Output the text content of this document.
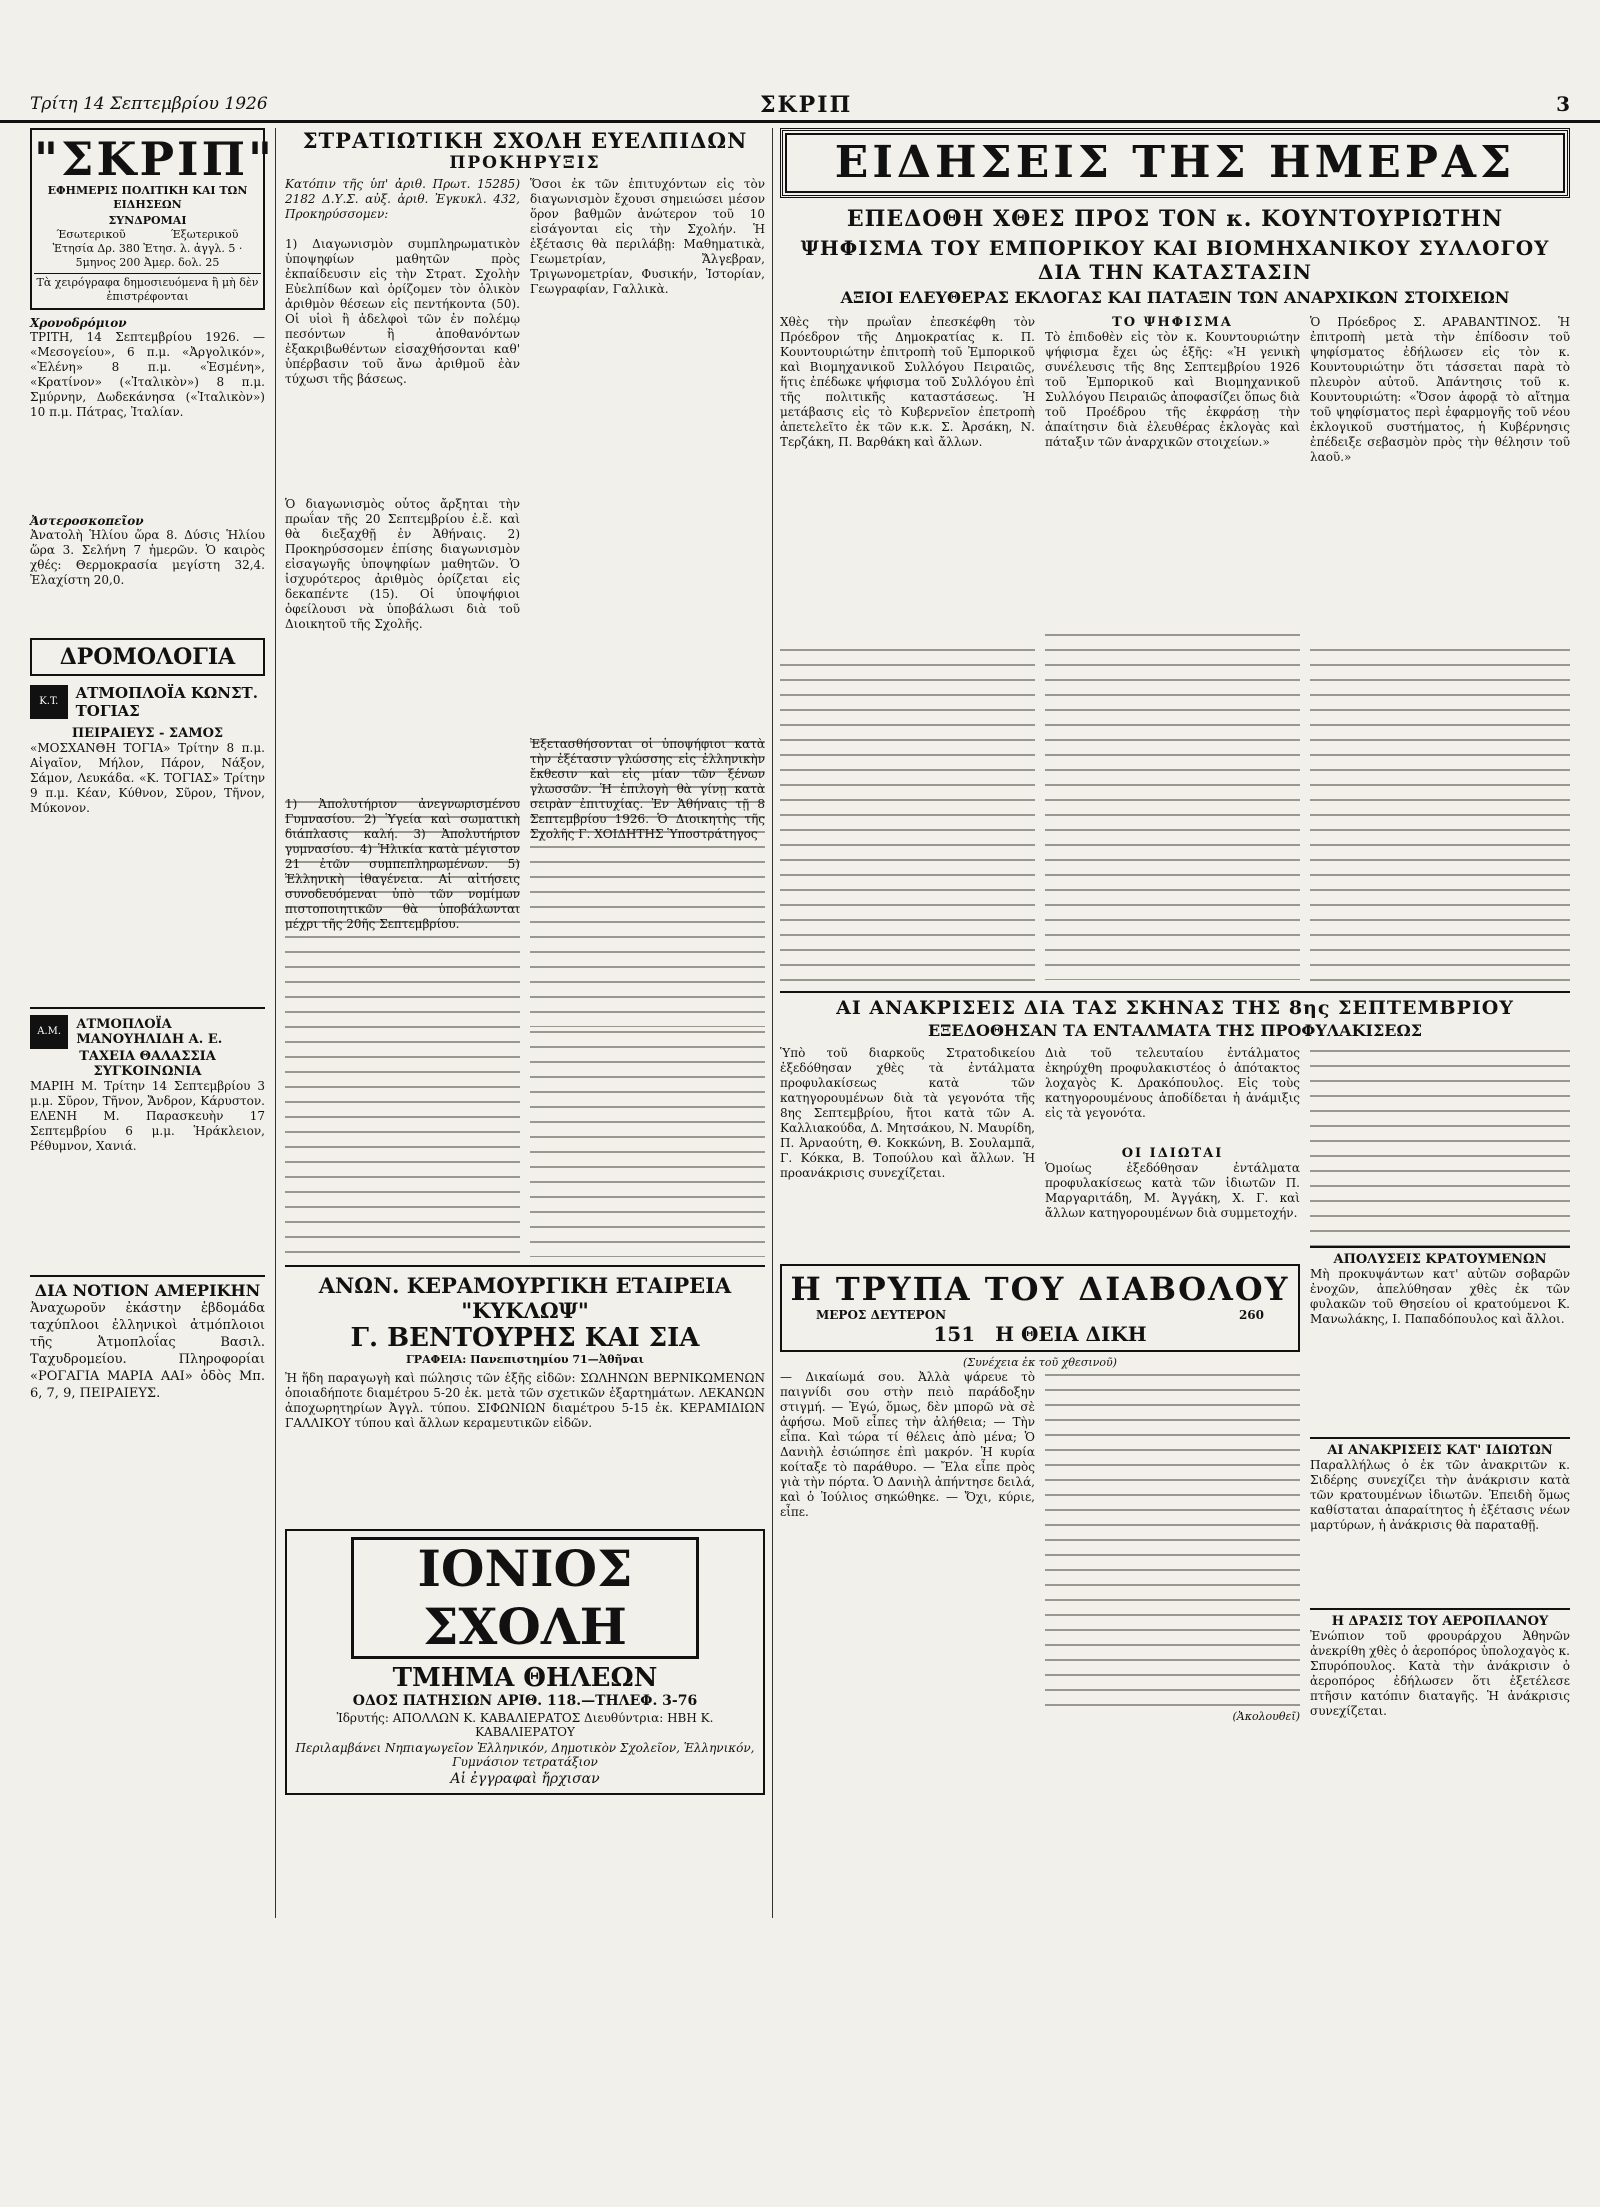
Τρίτη 14 Σεπτεμβρίου 1926	ΣΚΡΙΠ	3
"ΣΚΡΙΠ"
ΕΦΗΜΕΡΙΣ ΠΟΛΙΤΙΚΗ ΚΑΙ ΤΩΝ ΕΙΔΗΣΕΩΝ
ΣΥΝΔΡΟΜΑΙ
Έσωτερικοῦ	Έξωτερικοῦ
Ἐτησία Δρ. 380 Ἐτησ. λ. ἀγγλ. 5 · 5μηνος 200 Ἀμερ. δολ. 25
Τὰ χειρόγραφα δημοσιευόμενα ἢ μὴ δὲν ἐπιστρέφονται
Χρονοδρόμιον
ΤΡΙΤΗ, 14 Σεπτεμβρίου 1926. — «Μεσογείου», 6 π.μ. «Ἀργολικόν», «Ἑλένη» 8 π.μ. «Ἑσμένη», «Κρατίνον» («Ἰταλικὸν») 8 π.μ. Σμύρνην, Δωδεκάνησα («Ἰταλικὸν») 10 π.μ. Πάτρας, Ἰταλίαν.
Ἀστεροσκοπεῖον
Ἀνατολὴ Ἡλίου ὥρα 8. Δύσις Ἡλίου ὥρα 3. Σελήνη 7 ἡμερῶν. Ὁ καιρὸς χθές: Θερμοκρασία μεγίστη 32,4. Ἐλαχίστη 20,0.
ΔΡΟΜΟΛΟΓΙΑ
K.T.	ΑΤΜΟΠΛΟΪΑ ΚΩΝΣΤ. ΤΟΓΙΑΣ
ΠΕΙΡΑΙΕΥΣ - ΣΑΜΟΣ
«ΜΟΣΧΑΝΘΗ ΤΟΓΙΑ» Τρίτην 8 π.μ. Αἰγαῖον, Μήλον, Πάρον, Νάξον, Σάμον, Λευκάδα. «Κ. ΤΟΓΙΑΣ» Τρίτην 9 π.μ. Κέαν, Κύθνον, Σῦρον, Τῆνον, Μύκονον.
Α.Μ.	ΑΤΜΟΠΛΟΪΑ ΜΑΝΟΥΗΛΙΔΗ Α. Ε.
ΤΑΧΕΙΑ ΘΑΛΑΣΣΙΑ ΣΥΓΚΟΙΝΩΝΙΑ
ΜΑΡΙΗ Μ. Τρίτην 14 Σεπτεμβρίου 3 μ.μ. Σῦρον, Τῆνον, Ἄνδρον, Κάρυστον. ΕΛΕΝΗ Μ. Παρασκευὴν 17 Σεπτεμβρίου 6 μ.μ. Ἡράκλειον, Ρέθυμνον, Χανιά.
ΔΙΑ ΝΟΤΙΟΝ ΑΜΕΡΙΚΗΝ
Ἀναχωροῦν ἐκάστην ἑβδομάδα ταχύπλοοι ἐλληνικοὶ ἀτμόπλοιοι τῆς Ἀτμοπλοΐας Βασιλ. Ταχυδρομείου. Πληροφορίαι «ΡΟΓΑΓΙΑ ΜΑΡΙΑ ΑΑΙ» ὁδὸς Μπ. 6, 7, 9, ΠΕΙΡΑΙΕΥΣ.
ΣΤΡΑΤΙΩΤΙΚΗ ΣΧΟΛΗ ΕΥΕΛΠΙΔΩΝ
ΠΡΟΚΗΡΥΞΙΣ
Κατόπιν τῆς ὑπ' ἀριθ. Πρωτ. 15285) 2182 Δ.Υ.Σ. αὐξ. ἀριθ. Ἐγκυκλ. 432, Προκηρύσσομεν:
1) Διαγωνισμὸν συμπληρωματικὸν ὑποψηφίων μαθητῶν πρὸς ἐκπαίδευσιν εἰς τὴν Στρατ. Σχολὴν Εὐελπίδων καὶ ὁρίζομεν τὸν ὁλικὸν ἀριθμὸν θέσεων εἰς πεντήκοντα (50). Οἱ υἱοὶ ἢ ἀδελφοὶ τῶν ἐν πολέμῳ πεσόντων ἢ ἀποθανόντων ἐξακριβωθέντων εἰσαχθήσονται καθ' ὑπέρβασιν τοῦ ἄνω ἀριθμοῦ ἐὰν τύχωσι τῆς βάσεως.
Ὁ διαγωνισμὸς οὗτος ἄρξηται τὴν πρωΐαν τῆς 20 Σεπτεμβρίου ἐ.ἔ. καὶ θὰ διεξαχθῇ ἐν Ἀθήναις. 2) Προκηρύσσομεν ἐπίσης διαγωνισμὸν εἰσαγωγῆς ὑποψηφίων μαθητῶν. Ὁ ἰσχυρότερος ἀριθμὸς ὁρίζεται εἰς δεκαπέντε (15). Οἱ ὑποψήφιοι ὀφείλουσι νὰ ὑποβάλωσι διὰ τοῦ Διοικητοῦ τῆς Σχολῆς.
1) Ἀπολυτήριον ἀνεγνωρισμένου Γυμνασίου. 2) Ὑγεία καὶ σωματικὴ διάπλασις καλή. 3) Ἀπολυτήριον γυμνασίου. 4) Ἡλικία κατὰ μέγιστον 21 ἐτῶν συμπεπληρωμένων. 5) Ἑλληνικὴ ἰθαγένεια. Αἱ αἰτήσεις συνοδευόμεναι ὑπὸ τῶν νομίμων πιστοποιητικῶν θὰ ὑποβάλωνται μέχρι τῆς 20ῆς Σεπτεμβρίου.
Ὅσοι ἐκ τῶν ἐπιτυχόντων εἰς τὸν διαγωνισμὸν ἔχουσι σημειώσει μέσον ὅρον βαθμῶν ἀνώτερον τοῦ 10 εἰσάγονται εἰς τὴν Σχολήν. Ἡ ἐξέτασις θὰ περιλάβῃ: Μαθηματικὰ, Γεωμετρίαν, Ἄλγεβραν, Τριγωνομετρίαν, Φυσικήν, Ἱστορίαν, Γεωγραφίαν, Γαλλικὰ.
Ἐξετασθήσονται οἱ ὑποψήφιοι κατὰ τὴν ἐξέτασιν γλώσσης εἰς ἑλληνικὴν ἔκθεσιν καὶ εἰς μίαν τῶν ξένων γλωσσῶν. Ἡ ἐπιλογὴ θὰ γίνῃ κατὰ σειρὰν ἐπιτυχίας. Ἐν Ἀθήναις τῇ 8 Σεπτεμβρίου 1926. Ὁ Διοικητὴς τῆς Σχολῆς Γ. ΧΟΙΔΗΤΗΣ Ὑποστράτηγος
ΑΝΩΝ. ΚΕΡΑΜΟΥΡΓΙΚΗ ΕΤΑΙΡΕΙΑ "ΚΥΚΛΩΨ"
Γ. ΒΕΝΤΟΥΡΗΣ ΚΑΙ ΣΙΑ
ΓΡΑΦΕΙΑ: Πανεπιστημίου 71—Ἀθῆναι
Ἠ ἥδη παραγωγὴ καὶ πώλησις τῶν ἑξῆς εἰδῶν: ΣΩΛΗΝΩΝ ΒΕΡΝΙΚΩΜΕΝΩΝ ὁποιαδήποτε διαμέτρου 5-20 ἐκ. μετὰ τῶν σχετικῶν ἐξαρτημάτων. ΛΕΚΑΝΩΝ ἀποχωρητηρίων Ἀγγλ. τύπου. ΣΙΦΩΝΙΩΝ διαμέτρου 5-15 ἐκ. ΚΕΡΑΜΙΔΙΩΝ ΓΑΛΛΙΚΟΥ τύπου καὶ ἄλλων κεραμευτικῶν εἰδῶν.
ΙΟΝΙΟΣ ΣΧΟΛΗ
ΤΜΗΜΑ ΘΗΛΕΩΝ
ΟΔΟΣ ΠΑΤΗΣΙΩΝ ΑΡΙΘ. 118.—ΤΗΛΕΦ. 3-76
Ἱδρυτής: ΑΠΟΛΛΩΝ Κ. ΚΑΒΑΛΙΕΡΑΤΟΣ Διευθύντρια: ΗΒΗ Κ. ΚΑΒΑΛΙΕΡΑΤΟΥ
Περιλαμβάνει Νηπιαγωγεῖον Ἑλληνικόν, Δημοτικὸν Σχολεῖον, Ἑλληνικόν, Γυμνάσιον τετρατάξιον
Αἱ ἐγγραφαὶ ἤρχισαν
ΕΙΔΗΣΕΙΣ ΤΗΣ ΗΜΕΡΑΣ
ΕΠΕΔΟΘΗ ΧΘΕΣ ΠΡΟΣ ΤΟΝ κ. ΚΟΥΝΤΟΥΡΙΩΤΗΝ
ΨΗΦΙΣΜΑ ΤΟΥ ΕΜΠΟΡΙΚΟΥ ΚΑΙ ΒΙΟΜΗΧΑΝΙΚΟΥ ΣΥΛΛΟΓΟΥ ΔΙΑ ΤΗΝ ΚΑΤΑΣΤΑΣΙΝ
ΑΞΙΟΙ ΕΛΕΥΘΕΡΑΣ ΕΚΛΟΓΑΣ ΚΑΙ ΠΑΤΑΞΙΝ ΤΩΝ ΑΝΑΡΧΙΚΩΝ ΣΤΟΙΧΕΙΩΝ
Χθὲς τὴν πρωΐαν ἐπεσκέφθη τὸν Πρόεδρον τῆς Δημοκρατίας κ. Π. Κουντουριώτην ἐπιτροπὴ τοῦ Ἐμπορικοῦ καὶ Βιομηχανικοῦ Συλλόγου Πειραιῶς, ἥτις ἐπέδωκε ψήφισμα τοῦ Συλλόγου ἐπὶ τῆς πολιτικῆς καταστάσεως. Ἡ μετάβασις εἰς τὸ Κυβερνεῖον ἐπετροπὴ ἀπετελεῖτο ἐκ τῶν κ.κ. Σ. Ἀρσάκη, Ν. Τερζάκη, Π. Βαρθάκη καὶ ἄλλων.
ΤΟ ΨΗΦΙΣΜΑ
Τὸ ἐπιδοθὲν εἰς τὸν κ. Κουντουριώτην ψήφισμα ἔχει ὡς ἑξῆς: «Ἡ γενικὴ συνέλευσις τῆς 8ης Σεπτεμβρίου 1926 τοῦ Ἐμπορικοῦ καὶ Βιομηχανικοῦ Συλλόγου Πειραιῶς ἀποφασίζει ὅπως διὰ τοῦ Προέδρου τῆς ἐκφράσῃ τὴν ἀπαίτησιν διὰ ἐλευθέρας ἐκλογὰς καὶ πάταξιν τῶν ἀναρχικῶν στοιχείων.»
Ὁ Πρόεδρος Σ. ΑΡΑΒΑΝΤΙΝΟΣ. Ἡ ἐπιτροπὴ μετὰ τὴν ἐπίδοσιν τοῦ ψηφίσματος ἐδήλωσεν εἰς τὸν κ. Κουντουριώτην ὅτι τάσσεται παρὰ τὸ πλευρὸν αὐτοῦ. Ἀπάντησις τοῦ κ. Κουντουριώτη: «Ὅσον ἀφορᾷ τὸ αἴτημα τοῦ ψηφίσματος περὶ ἐφαρμογῆς τοῦ νέου ἐκλογικοῦ συστήματος, ἡ Κυβέρνησις ἐπέδειξε σεβασμὸν πρὸς τὴν θέλησιν τοῦ λαοῦ.»
ΑΙ ΑΝΑΚΡΙΣΕΙΣ ΔΙΑ ΤΑΣ ΣΚΗΝΑΣ ΤΗΣ 8ης ΣΕΠΤΕΜΒΡΙΟΥ
ΕΞΕΔΟΘΗΣΑΝ ΤΑ ΕΝΤΑΛΜΑΤΑ ΤΗΣ ΠΡΟΦΥΛΑΚΙΣΕΩΣ
Ὑπὸ τοῦ διαρκοῦς Στρατοδικείου ἐξεδόθησαν χθὲς τὰ ἐντάλματα προφυλακίσεως κατὰ τῶν κατηγορουμένων διὰ τὰ γεγονότα τῆς 8ης Σεπτεμβρίου, ἤτοι κατὰ τῶν Α. Καλλιακούδα, Δ. Μητσάκου, Ν. Μαυρίδη, Π. Ἀρναούτη, Θ. Κοκκώνη, Β. Σουλαμπᾶ, Γ. Κόκκα, Β. Τοπούλου καὶ ἄλλων. Ἡ προανάκρισις συνεχίζεται.
Διὰ τοῦ τελευταίου ἐντάλματος ἐκηρύχθη προφυλακιστέος ὁ ἀπότακτος λοχαγὸς Κ. Δρακόπουλος. Εἰς τοὺς κατηγορουμένους ἀποδίδεται ἡ ἀνάμιξις εἰς τὰ γεγονότα.
ΟΙ ΙΔΙΩΤΑΙ
Ὁμοίως ἐξεδόθησαν ἐντάλματα προφυλακίσεως κατὰ τῶν ἰδιωτῶν Π. Μαργαριτάδη, Μ. Ἀγγάκη, Χ. Γ. καὶ ἄλλων κατηγορουμένων διὰ συμμετοχήν.
Η ΤΡΥΠΑ ΤΟΥ ΔΙΑΒΟΛΟΥ
ΜΕΡΟΣ ΔΕΥΤΕΡΟΝ	260
151 Η ΘΕΙΑ ΔΙΚΗ
(Συνέχεια ἐκ τοῦ χθεσινοῦ)
— Δικαίωμά σου. Ἀλλὰ ψάρευε τὸ παιγνίδι σου στὴν πειὸ παράδοξην στιγμή. — Ἐγώ, ὅμως, δὲν μπορῶ νὰ σὲ ἀφήσω. Μοῦ εἶπες τὴν ἀλήθεια; — Τὴν εἶπα. Καὶ τώρα τί θέλεις ἀπὸ μένα; Ὁ Δανιὴλ ἐσιώπησε ἐπὶ μακρόν. Ἡ κυρία κοίταξε τὸ παράθυρο. — Ἔλα εἶπε πρὸς γιὰ τὴν πόρτα. Ὁ Δανιὴλ ἀπήντησε δειλά, καὶ ὁ Ἰούλιος σηκώθηκε. — Ὄχι, κύριε, εἶπε.
(Ἀκολουθεῖ)
ΑΠΟΛΥΣΕΙΣ ΚΡΑΤΟΥΜΕΝΩΝ
Μὴ προκυψάντων κατ' αὐτῶν σοβαρῶν ἐνοχῶν, ἀπελύθησαν χθὲς ἐκ τῶν φυλακῶν τοῦ Θησείου οἱ κρατούμενοι Κ. Μανωλάκης, Ι. Παπαδόπουλος καὶ ἄλλοι.
ΑΙ ΑΝΑΚΡΙΣΕΙΣ ΚΑΤ' ΙΔΙΩΤΩΝ
Παραλλήλως ὁ ἐκ τῶν ἀνακριτῶν κ. Σιδέρης συνεχίζει τὴν ἀνάκρισιν κατὰ τῶν κρατουμένων ἰδιωτῶν. Ἐπειδὴ ὅμως καθίσταται ἀπαραίτητος ἡ ἐξέτασις νέων μαρτύρων, ἡ ἀνάκρισις θὰ παραταθῇ.
Η ΔΡΑΣΙΣ ΤΟΥ ΑΕΡΟΠΛΑΝΟΥ
Ἐνώπιον τοῦ φρουράρχου Ἀθηνῶν ἀνεκρίθη χθὲς ὁ ἀεροπόρος ὑπολοχαγὸς κ. Σπυρόπουλος. Κατὰ τὴν ἀνάκρισιν ὁ ἀεροπόρος ἐδήλωσεν ὅτι ἐξετέλεσε πτῆσιν κατόπιν διαταγῆς. Ἡ ἀνάκρισις συνεχίζεται.
